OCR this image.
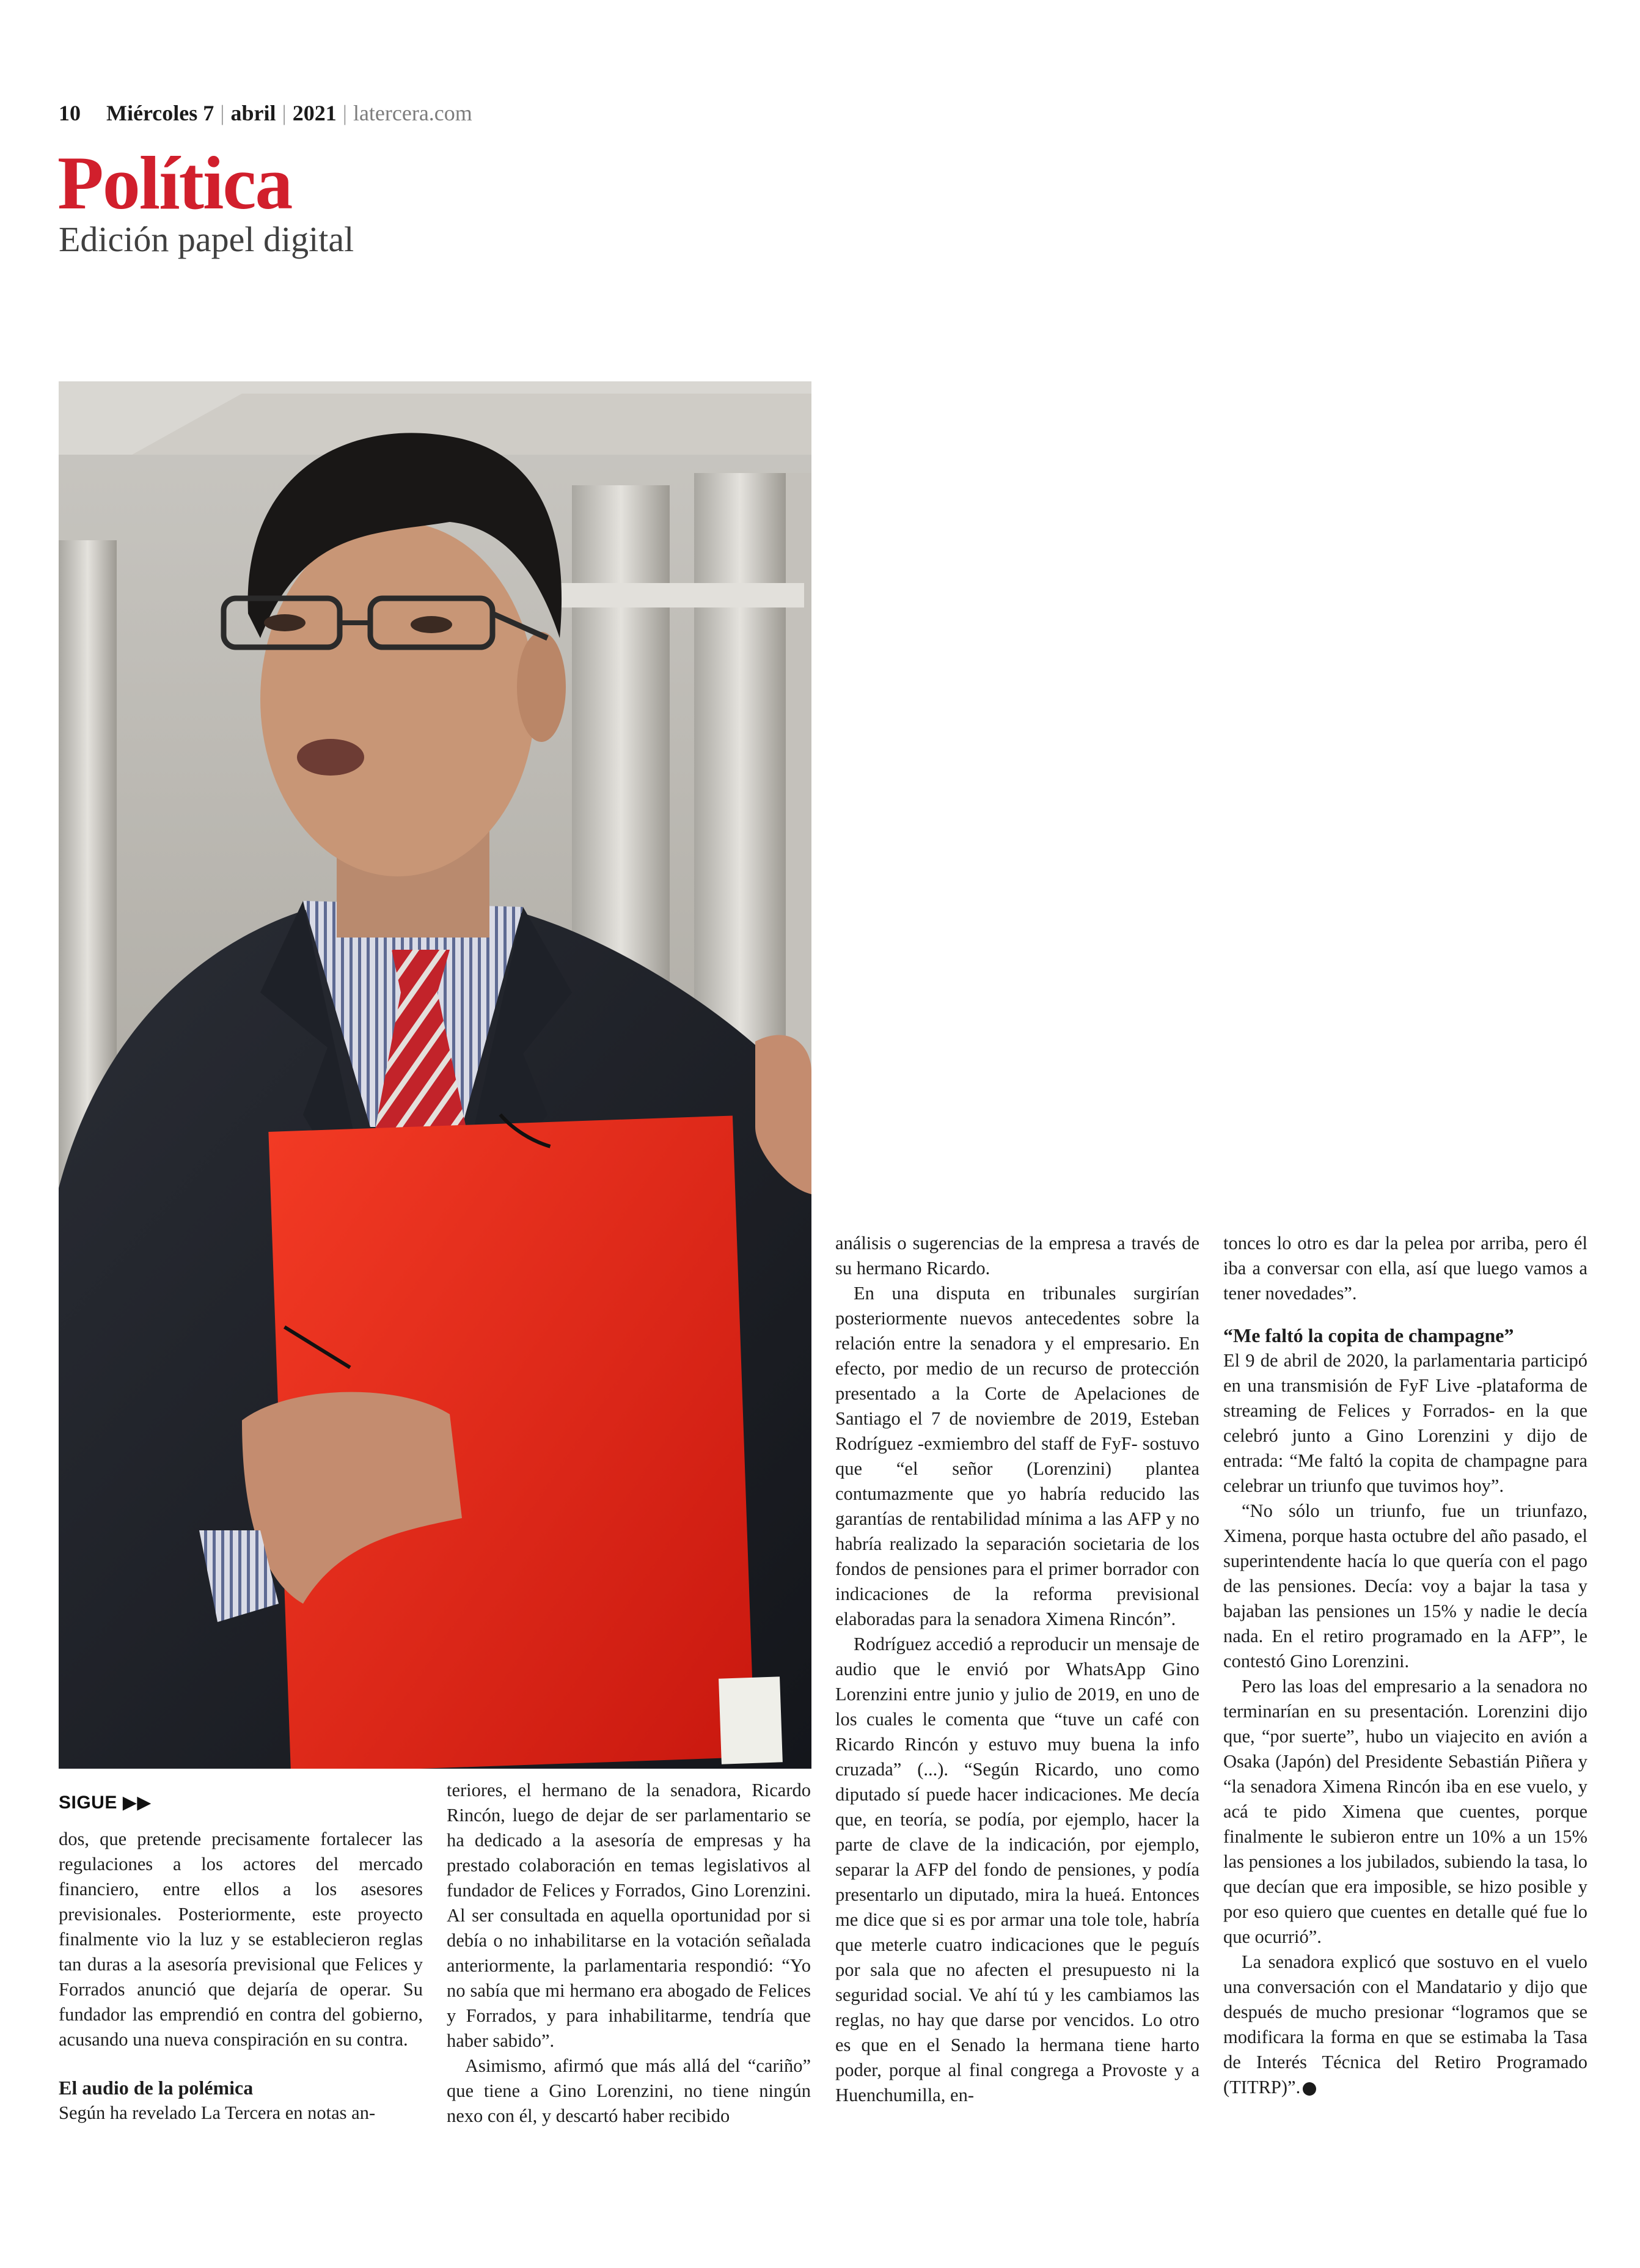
10 Miércoles 7 | abril | 2021 | latercera.com
Política
Edición papel digital
SIGUE ▶▶

dos, que pretende precisamente fortalecer las regulaciones a los actores del mercado financiero, entre ellos a los asesores previsionales. Posteriormente, este proyecto finalmente vio la luz y se establecieron reglas tan duras a la asesoría previsional que Felices y Forrados anunció que dejaría de operar. Su fundador las emprendió en contra del gobierno, acusando una nueva conspiración en su contra.

El audio de la polémica

Según ha revelado La Tercera en notas an-

teriores, el hermano de la senadora, Ricardo Rincón, luego de dejar de ser parlamentario se ha dedicado a la asesoría de empresas y ha prestado colaboración en temas legislativos al fundador de Felices y Forrados, Gino Lorenzini. Al ser consultada en aquella oportunidad por si debía o no inhabilitarse en la votación señalada anteriormente, la parlamentaria respondió: “Yo no sabía que mi hermano era abogado de Felices y Forrados, y para inhabilitarme, tendría que haber sabido”.

Asimismo, afirmó que más allá del “cariño” que tiene a Gino Lorenzini, no tiene ningún nexo con él, y descartó haber recibido

análisis o sugerencias de la empresa a través de su hermano Ricardo.

En una disputa en tribunales surgirían posteriormente nuevos antecedentes sobre la relación entre la senadora y el empresario. En efecto, por medio de un recurso de protección presentado a la Corte de Apelaciones de Santiago el 7 de noviembre de 2019, Esteban Rodríguez -exmiembro del staff de FyF- sostuvo que “el señor (Lorenzini) plantea contumazmente que yo habría reducido las garantías de rentabilidad mínima a las AFP y no habría realizado la separación societaria de los fondos de pensiones para el primer borrador con indicaciones de la reforma previsional elaboradas para la senadora Ximena Rincón”.

Rodríguez accedió a reproducir un mensaje de audio que le envió por WhatsApp Gino Lorenzini entre junio y julio de 2019, en uno de los cuales le comenta que “tuve un café con Ricardo Rincón y estuvo muy buena la info cruzada” (...). “Según Ricardo, uno como diputado sí puede hacer indicaciones. Me decía que, en teoría, se podía, por ejemplo, hacer la parte de clave de la indicación, por ejemplo, separar la AFP del fondo de pensiones, y podía presentarlo un diputado, mira la hueá. Entonces me dice que si es por armar una tole tole, habría que meterle cuatro indicaciones que le peguís por sala que no afecten el presupuesto ni la seguridad social. Ve ahí tú y les cambiamos las reglas, no hay que darse por vencidos. Lo otro es que en el Senado la hermana tiene harto poder, porque al final congrega a Provoste y a Huenchumilla, en-

tonces lo otro es dar la pelea por arriba, pero él iba a conversar con ella, así que luego vamos a tener novedades”.

“Me faltó la copita de champagne”

El 9 de abril de 2020, la parlamentaria participó en una transmisión de FyF Live -plataforma de streaming de Felices y Forrados- en la que celebró junto a Gino Lorenzini y dijo de entrada: “Me faltó la copita de champagne para celebrar un triunfo que tuvimos hoy”.

“No sólo un triunfo, fue un triunfazo, Ximena, porque hasta octubre del año pasado, el superintendente hacía lo que quería con el pago de las pensiones. Decía: voy a bajar la tasa y bajaban las pensiones un 15% y nadie le decía nada. En el retiro programado en la AFP”, le contestó Gino Lorenzini.

Pero las loas del empresario a la senadora no terminarían en su presentación. Lorenzini dijo que, “por suerte”, hubo un viajecito en avión a Osaka (Japón) del Presidente Sebastián Piñera y “la senadora Ximena Rincón iba en ese vuelo, y acá te pido Ximena que cuentes, porque finalmente le subieron entre un 10% a un 15% las pensiones a los jubilados, subiendo la tasa, lo que decían que era imposible, se hizo posible y por eso quiero que cuentes en detalle qué fue lo que ocurrió”.

La senadora explicó que sostuvo en el vuelo una conversación con el Mandatario y dijo que después de mucho presionar “logramos que se modificara la forma en que se estimaba la Tasa de Interés Técnica del Retiro Programado (TITRP)”.
